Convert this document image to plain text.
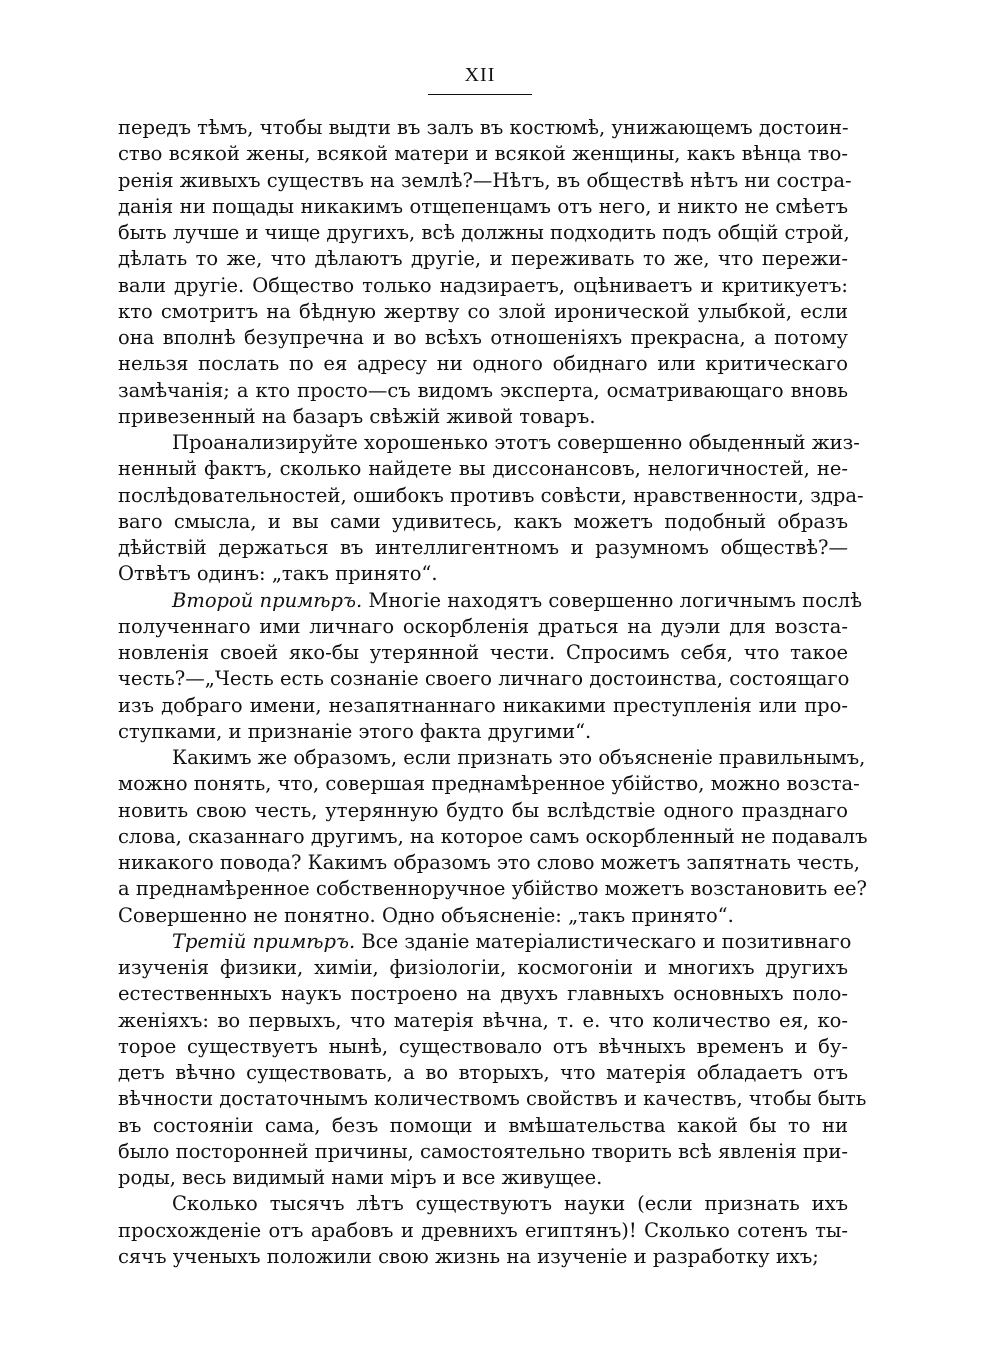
XII
передъ тѣмъ, чтобы выдти въ залъ въ костюмѣ, унижающемъ достоин-
ство всякой жены, всякой матери и всякой женщины, какъ вѣнца тво-
ренія живыхъ существъ на землѣ?—Нѣтъ, въ обществѣ нѣтъ ни состра-
данія ни пощады никакимъ отщепенцамъ отъ него, и никто не смѣетъ
быть лучше и чище другихъ, всѣ должны подходить подъ общій строй,
дѣлать то же, что дѣлаютъ другіе, и переживать то же, что пережи-
вали другіе. Общество только надзираетъ, оцѣниваетъ и критикуетъ:
кто смотритъ на бѣдную жертву со злой иронической улыбкой, если
она вполнѣ безупречна и во всѣхъ отношеніяхъ прекрасна, а потому
нельзя послать по ея адресу ни одного обиднаго или критическаго
замѣчанія; а кто просто—съ видомъ эксперта, осматривающаго вновь
привезенный на базаръ свѣжій живой товаръ.
Проанализируйте хорошенько этотъ совершенно обыденный жиз-
ненный фактъ, сколько найдете вы диссонансовъ, нелогичностей, не-
послѣдовательностей, ошибокъ противъ совѣсти, нравственности, здра-
ваго смысла, и вы сами удивитесь, какъ можетъ подобный образъ
дѣйствій держаться въ интеллигентномъ и разумномъ обществѣ?—
Отвѣтъ одинъ: „такъ принято“.
Второй примѣръ. Многіе находятъ совершенно логичнымъ послѣ
полученнаго ими личнаго оскорбленія драться на дуэли для возста-
новленія своей яко-бы утерянной чести. Спросимъ себя, что такое
честь?—„Честь есть сознаніе своего личнаго достоинства, состоящаго
изъ добраго имени, незапятнаннаго никакими преступленія или про-
ступками, и признаніе этого факта другими“.
Какимъ же образомъ, если признать это объясненіе правильнымъ,
можно понять, что, совершая преднамѣренное убійство, можно возста-
новить свою честь, утерянную будто бы вслѣдствіе одного празднаго
слова, сказаннаго другимъ, на которое самъ оскорбленный не подавалъ
никакого повода? Какимъ образомъ это слово можетъ запятнать честь,
а преднамѣренное собственноручное убійство можетъ возстановить ее?
Совершенно не понятно. Одно объясненіе: „такъ принято“.
Третій примѣръ. Все зданіе матеріалистическаго и позитивнаго
изученія физики, химіи, физіологіи, космогоніи и многихъ другихъ
естественныхъ наукъ построено на двухъ главныхъ основныхъ поло-
женіяхъ: во первыхъ, что матерія вѣчна, т. е. что количество ея, ко-
торое существуетъ нынѣ, существовало отъ вѣчныхъ временъ и бу-
детъ вѣчно существовать, а во вторыхъ, что матерія обладаетъ отъ
вѣчности достаточнымъ количествомъ свойствъ и качествъ, чтобы быть
въ состояніи сама, безъ помощи и вмѣшательства какой бы то ни
было посторонней причины, самостоятельно творить всѣ явленія при-
роды, весь видимый нами міръ и все живущее.
Сколько тысячъ лѣтъ существуютъ науки (если признать ихъ
просхожденіе отъ арабовъ и древнихъ египтянъ)! Сколько сотенъ ты-
сячъ ученыхъ положили свою жизнь на изученіе и разработку ихъ;
